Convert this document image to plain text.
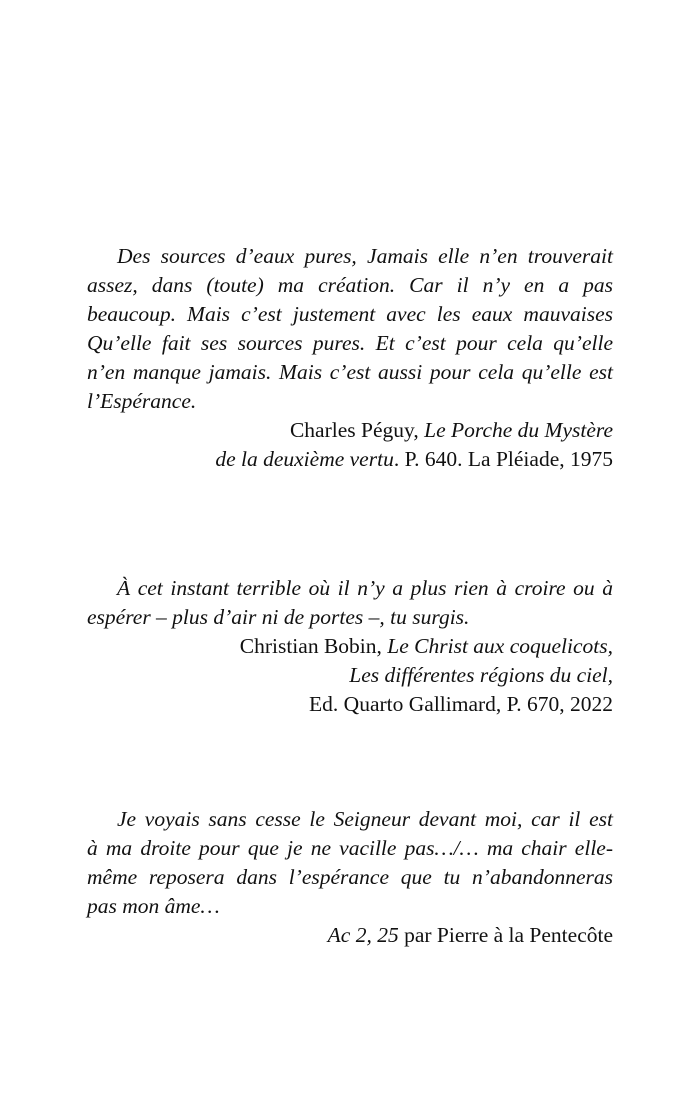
Des sources d’eaux pures, Jamais elle n’en trouverait
assez, dans (toute) ma création. Car il n’y en a pas
beaucoup. Mais c’est justement avec les eaux mauvaises
Qu’elle fait ses sources pures. Et c’est pour cela qu’elle
n’en manque jamais. Mais c’est aussi pour cela qu’elle est
l’Espérance.
Charles Péguy, Le Porche du Mystère
de la deuxième vertu. P. 640. La Pléiade, 1975
À cet instant terrible où il n’y a plus rien à croire ou à
espérer – plus d’air ni de portes –, tu surgis.
Christian Bobin, Le Christ aux coquelicots,
Les différentes régions du ciel,
Ed. Quarto Gallimard, P. 670, 2022
Je voyais sans cesse le Seigneur devant moi, car il est
à ma droite pour que je ne vacille pas…/… ma chair elle-
même reposera dans l’espérance que tu n’abandonneras
pas mon âme…
Ac 2, 25 par Pierre à la Pentecôte
